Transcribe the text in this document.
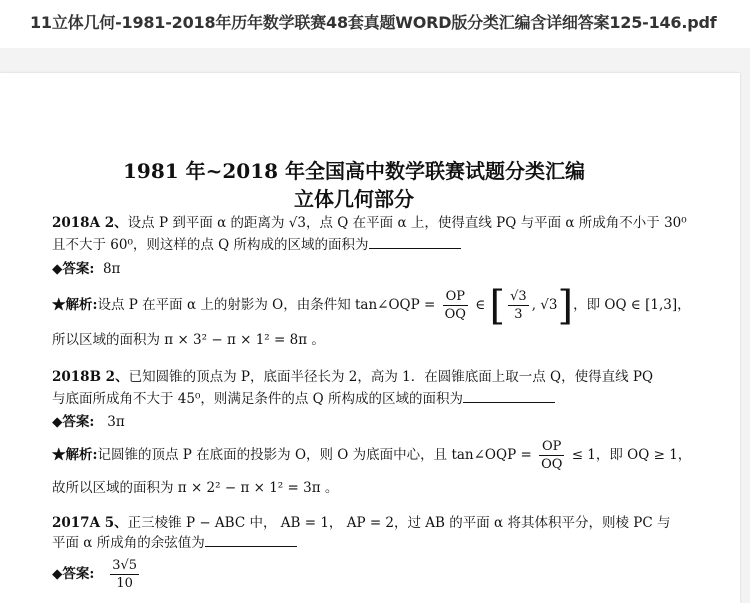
11立体几何-1981-2018年历年数学联赛48套真题WORD版分类汇编含详细答案125-146.pdf
1981 年~2018 年全国高中数学联赛试题分类汇编
立体几何部分
2018A 2、设点 P 到平面 α 的距离为 √3，点 Q 在平面 α 上，使得直线 PQ 与平面 α 所成角不小于 30⁰
且不大于 60⁰，则这样的点 Q 所构成的区域的面积为
◆答案: 8π
★解析:设点 P 在平面 α 上的射影为 O，由条件知 tan∠OQP = $\frac{OP}{OQ}$ ∈ [ $\frac{√3}{3}$ , √3]，即 OQ ∈ [1,3]，
所以区域的面积为 π × 3² − π × 1² = 8π 。
2018B 2、已知圆锥的顶点为 P，底面半径长为 2，高为 1．在圆锥底面上取一点 Q，使得直线 PQ
与底面所成角不大于 45⁰，则满足条件的点 Q 所构成的区域的面积为
◆答案: 3π
★解析:记圆锥的顶点 P 在底面的投影为 O，则 O 为底面中心，且 tan∠OQP = $\frac{OP}{OQ} \le 1$，即 OQ ≥ 1，
故所以区域的面积为 π × 2² − π × 1² = 3π 。
2017A 5、正三棱锥 P − ABC 中， AB = 1， AP = 2，过 AB 的平面 α 将其体积平分，则棱 PC 与
平面 α 所成角的余弦值为
◆答案: $\frac{3√5}{10}$
